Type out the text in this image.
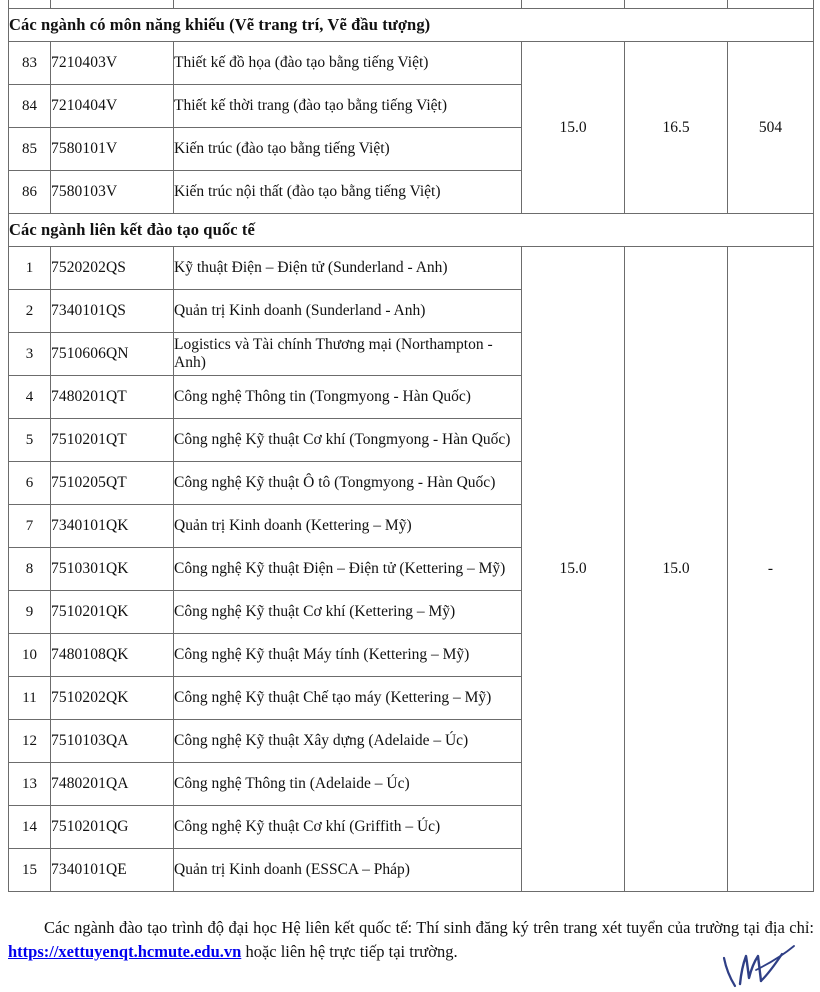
Các ngành có môn năng khiếu (Vẽ trang trí, Vẽ đầu tượng)					
83	7210403V	Thiết kế đồ họa (đào tạo bằng tiếng Việt)	15.0	16.5	504
84	7210404V	Thiết kế thời trang (đào tạo bằng tiếng Việt)			
85	7580101V	Kiến trúc (đào tạo bằng tiếng Việt)			
86	7580103V	Kiến trúc nội thất (đào tạo bằng tiếng Việt)			
Các ngành liên kết đào tạo quốc tế					
1	7520202QS	Kỹ thuật Điện – Điện tử (Sunderland - Anh)	15.0	15.0	-
2	7340101QS	Quản trị Kinh doanh (Sunderland - Anh)			
3	7510606QN	Logistics và Tài chính Thương mại (Northampton - Anh)			
4	7480201QT	Công nghệ Thông tin (Tongmyong - Hàn Quốc)			
5	7510201QT	Công nghệ Kỹ thuật Cơ khí (Tongmyong - Hàn Quốc)			
6	7510205QT	Công nghệ Kỹ thuật Ô tô (Tongmyong - Hàn Quốc)			
7	7340101QK	Quản trị Kinh doanh (Kettering – Mỹ)			
8	7510301QK	Công nghệ Kỹ thuật Điện – Điện tử (Kettering – Mỹ)			
9	7510201QK	Công nghệ Kỹ thuật Cơ khí (Kettering – Mỹ)			
10	7480108QK	Công nghệ Kỹ thuật Máy tính (Kettering – Mỹ)			
11	7510202QK	Công nghệ Kỹ thuật Chế tạo máy (Kettering – Mỹ)			
12	7510103QA	Công nghệ Kỹ thuật Xây dựng (Adelaide – Úc)			
13	7480201QA	Công nghệ Thông tin (Adelaide – Úc)			
14	7510201QG	Công nghệ Kỹ thuật Cơ khí (Griffith – Úc)			
15	7340101QE	Quản trị Kinh doanh (ESSCA – Pháp)			

Các ngành đào tạo trình độ đại học Hệ liên kết quốc tế: Thí sinh đăng ký trên trang xét tuyển của trường tại địa chỉ: https://xettuyenqt.hcmute.edu.vn hoặc liên hệ trực tiếp tại trường.
